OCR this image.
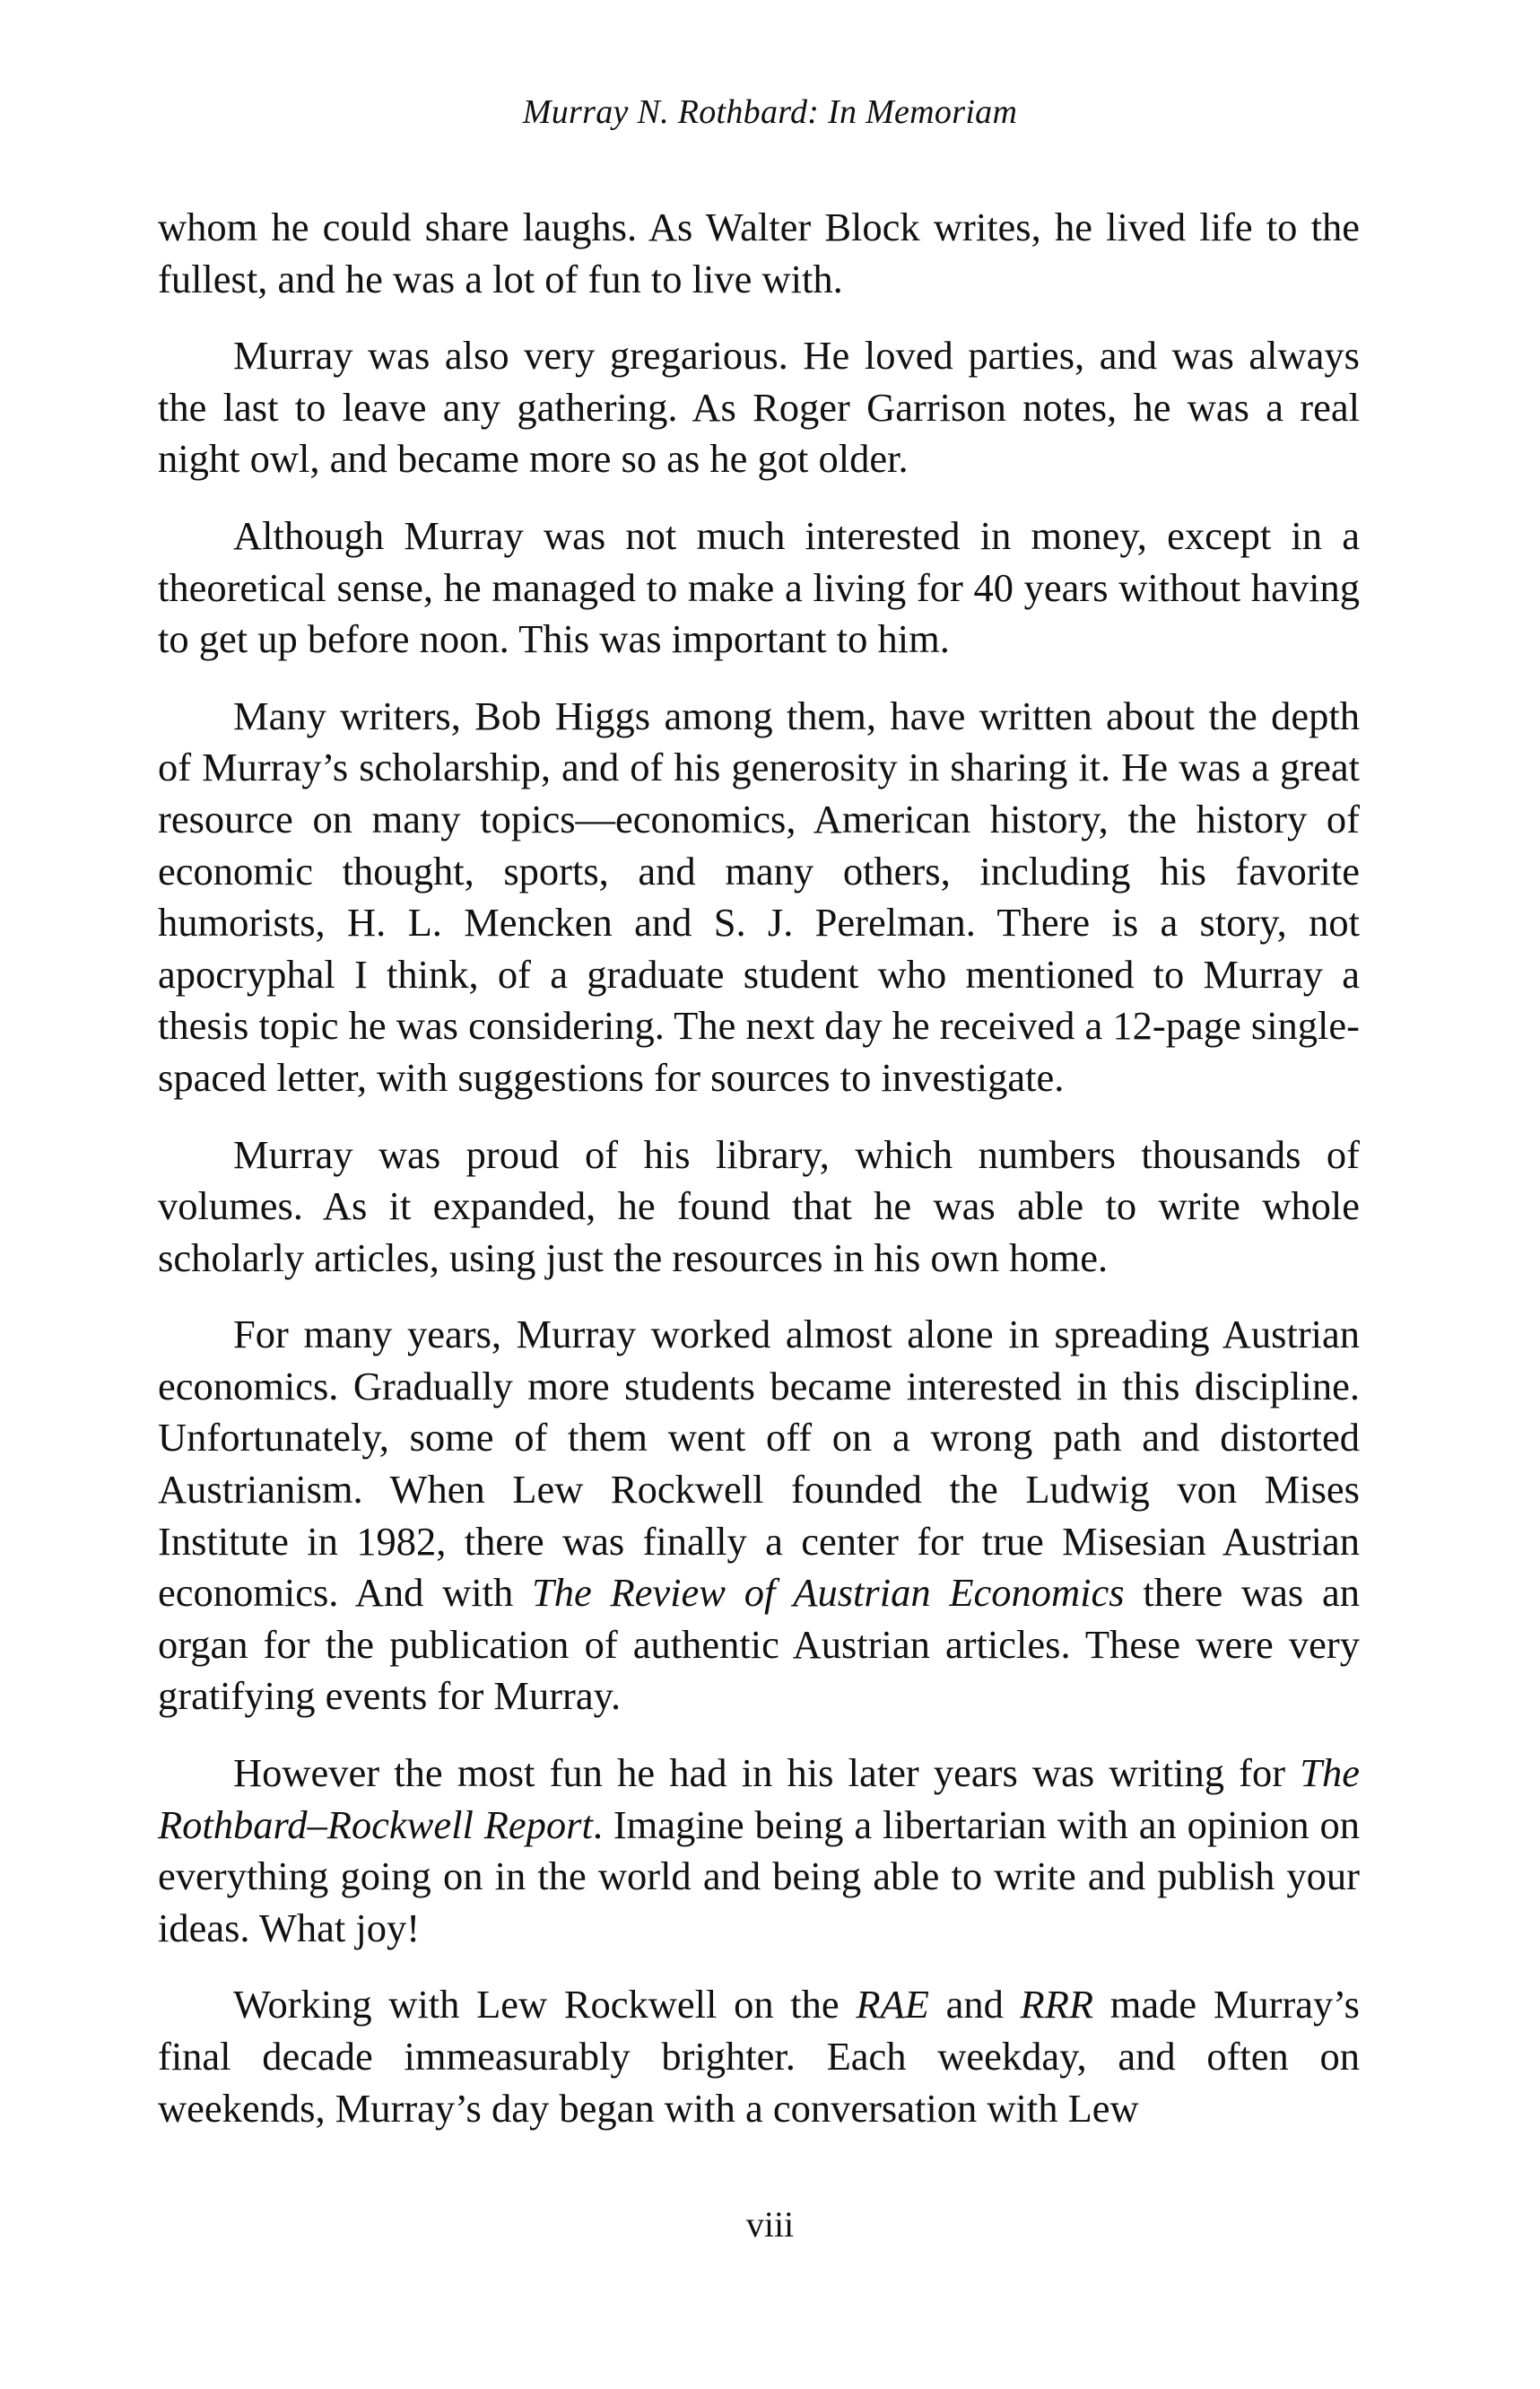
Murray N. Rothbard: In Memoriam

whom he could share laughs. As Walter Block writes, he lived life to the fullest, and he was a lot of fun to live with.

Murray was also very gregarious. He loved parties, and was always the last to leave any gathering. As Roger Garrison notes, he was a real night owl, and became more so as he got older.

Although Murray was not much interested in money, except in a theoretical sense, he managed to make a living for 40 years without having to get up before noon. This was important to him.

Many writers, Bob Higgs among them, have written about the depth of Murray’s scholarship, and of his generosity in sharing it. He was a great resource on many topics—economics, American history, the history of economic thought, sports, and many others, including his favorite humorists, H. L. Mencken and S. J. Perelman. There is a story, not apocryphal I think, of a graduate student who mentioned to Murray a thesis topic he was considering. The next day he received a 12-page single-spaced letter, with suggestions for sources to investigate.

Murray was proud of his library, which numbers thousands of volumes. As it expanded, he found that he was able to write whole scholarly articles, using just the resources in his own home.

For many years, Murray worked almost alone in spreading Austrian economics. Gradually more students became interested in this discipline. Unfortunately, some of them went off on a wrong path and distorted Austrianism. When Lew Rockwell founded the Ludwig von Mises Institute in 1982, there was finally a center for true Misesian Austrian economics. And with The Review of Austrian Economics there was an organ for the publication of authentic Austrian articles. These were very gratifying events for Murray.

However the most fun he had in his later years was writing for The Rothbard–Rockwell Report. Imagine being a libertarian with an opinion on everything going on in the world and being able to write and publish your ideas. What joy!

Working with Lew Rockwell on the RAE and RRR made Murray’s final decade immeasurably brighter. Each weekday, and often on weekends, Murray’s day began with a conversation with Lew

viii
